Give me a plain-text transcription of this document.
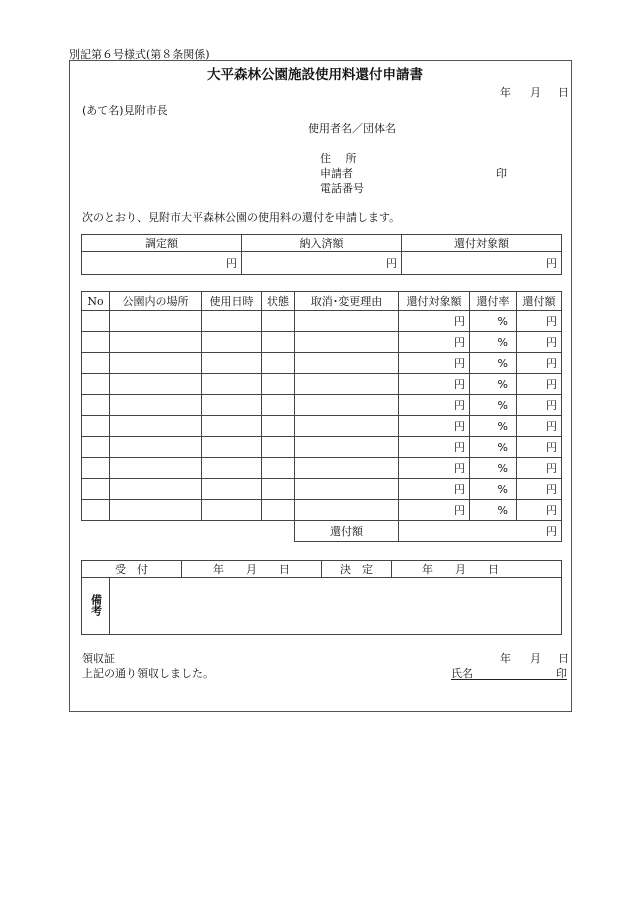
別記第６号様式(第８条関係)
大平森林公園施設使用料還付申請書
年 月 日
(あて名)見附市長
使用者名／団体名
住　 所
申請者	印
電話番号
次のとおり、見附市大平森林公園の使用料の還付を申請します。
調定額	納入済額	還付対象額
円	円	円
No	公園内の場所	使用日時	状態	取消･変更理由	還付対象額	還付率	還付額
					円	%	円
					円	%	円
					円	%	円
					円	%	円
					円	%	円
					円	%	円
					円	%	円
					円	%	円
					円	%	円
					円	%	円
				還付額	円		
受　付		年　　月　　日	決　定	年　　月　　日
備考				
領収証	年 月 日
上記の通り領収しました。	氏名	印
